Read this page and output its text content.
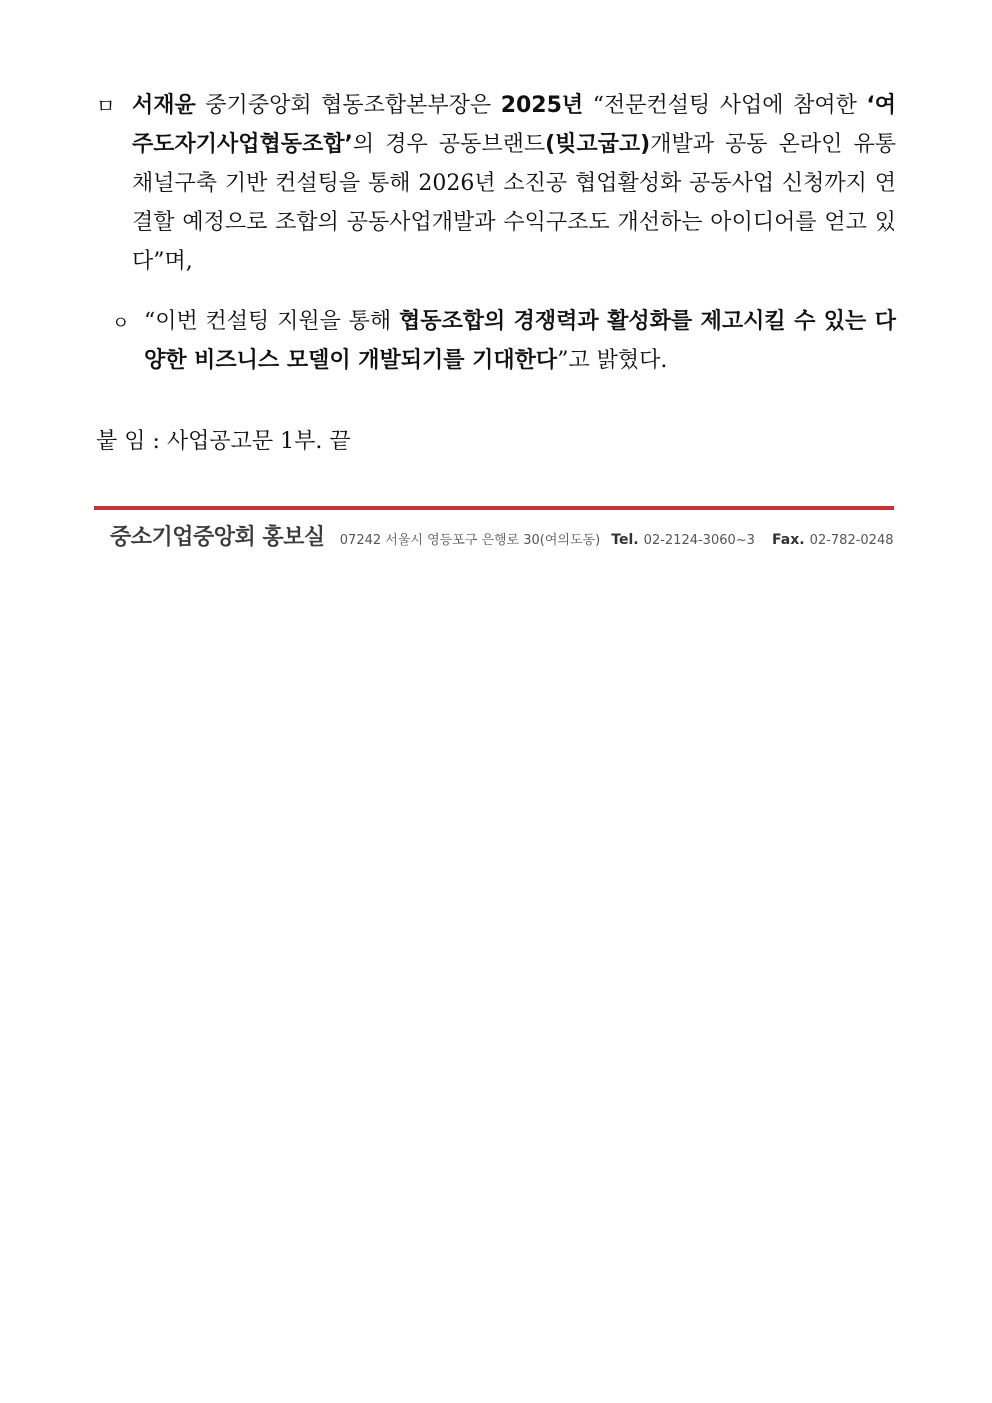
ㅁ 서재윤 중기중앙회 협동조합본부장은 2025년 “전문컨설팅 사업에 참여한 ‘여주도자기사업협동조합’의 경우 공동브랜드(빚고굽고)개발과 공동 온라인 유통채널구축 기반 컨설팅을 통해 2026년 소진공 협업활성화 공동사업 신청까지 연결할 예정으로 조합의 공동사업개발과 수익구조도 개선하는 아이디어를 얻고 있다”며,
ㅇ “이번 컨설팅 지원을 통해 협동조합의 경쟁력과 활성화를 제고시킬 수 있는 다양한 비즈니스 모델이 개발되기를 기대한다”고 밝혔다.
붙 임 : 사업공고문 1부. 끝
중소기업중앙회 홍보실 07242 서울시 영등포구 은행로 30(여의도동) Tel. 02-2124-3060~3 Fax. 02-782-0248
